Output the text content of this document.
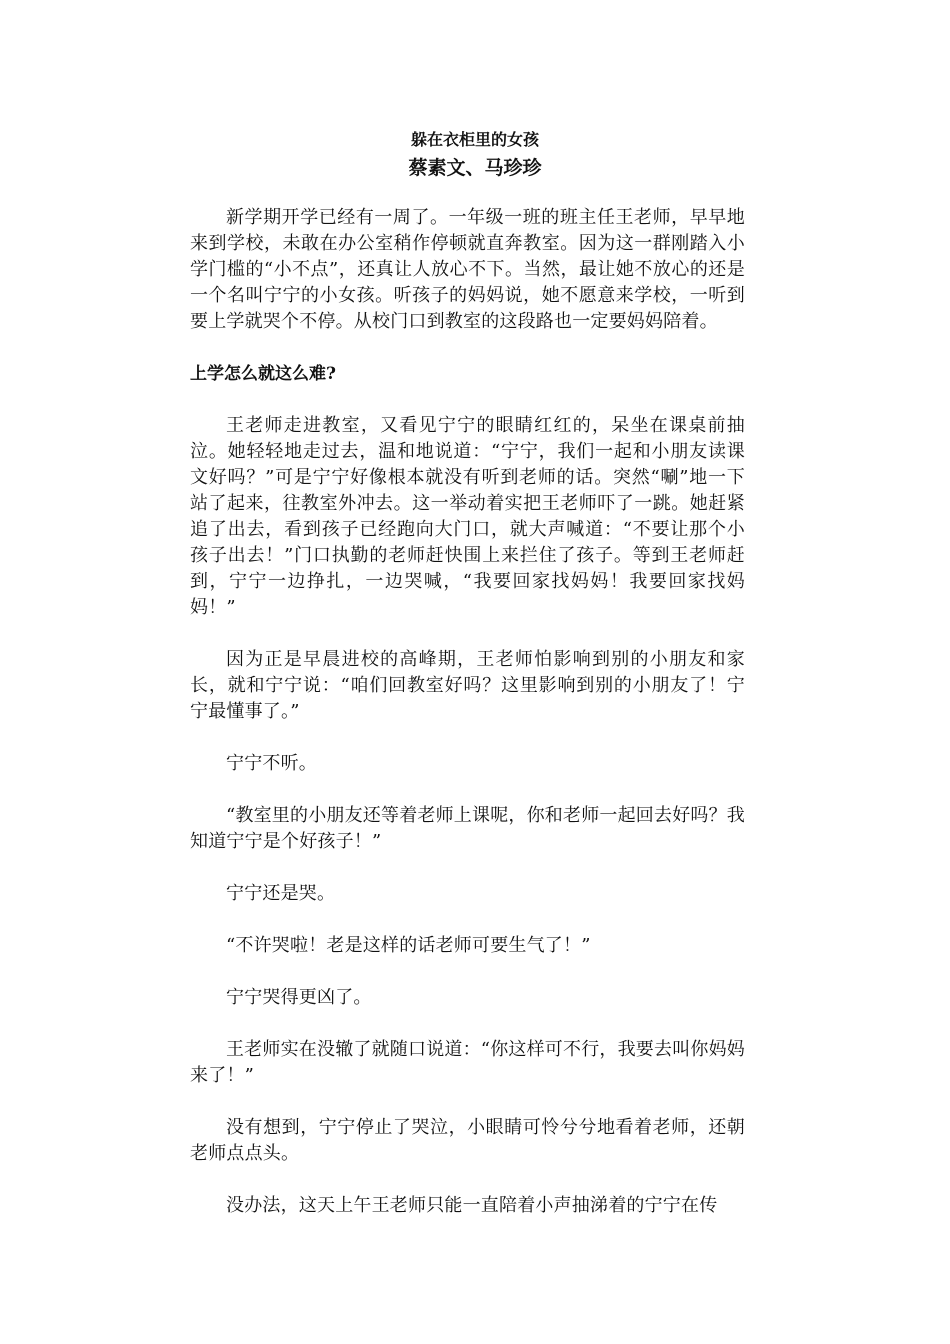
躲在衣柜里的女孩
蔡素文、马珍珍

新学期开学已经有一周了。一年级一班的班主任王老师，早早地来到学校，未敢在办公室稍作停顿就直奔教室。因为这一群刚踏入小学门槛的“小不点”，还真让人放心不下。当然，最让她不放心的还是一个名叫宁宁的小女孩。听孩子的妈妈说，她不愿意来学校，一听到要上学就哭个不停。从校门口到教室的这段路也一定要妈妈陪着。

上学怎么就这么难?

王老师走进教室，又看见宁宁的眼睛红红的，呆坐在课桌前抽泣。她轻轻地走过去，温和地说道：“宁宁，我们一起和小朋友读课文好吗？”可是宁宁好像根本就没有听到老师的话。突然“唰”地一下站了起来，往教室外冲去。这一举动着实把王老师吓了一跳。她赶紧追了出去，看到孩子已经跑向大门口，就大声喊道：“不要让那个小孩子出去！”门口执勤的老师赶快围上来拦住了孩子。等到王老师赶到，宁宁一边挣扎，一边哭喊，“我要回家找妈妈！我要回家找妈妈！”

因为正是早晨进校的高峰期，王老师怕影响到别的小朋友和家长，就和宁宁说：“咱们回教室好吗？这里影响到别的小朋友了！宁宁最懂事了。”

宁宁不听。

“教室里的小朋友还等着老师上课呢，你和老师一起回去好吗？我知道宁宁是个好孩子！”

宁宁还是哭。

“不许哭啦！老是这样的话老师可要生气了！”

宁宁哭得更凶了。

王老师实在没辙了就随口说道：“你这样可不行，我要去叫你妈妈来了！”

没有想到，宁宁停止了哭泣，小眼睛可怜兮兮地看着老师，还朝老师点点头。

没办法，这天上午王老师只能一直陪着小声抽涕着的宁宁在传
